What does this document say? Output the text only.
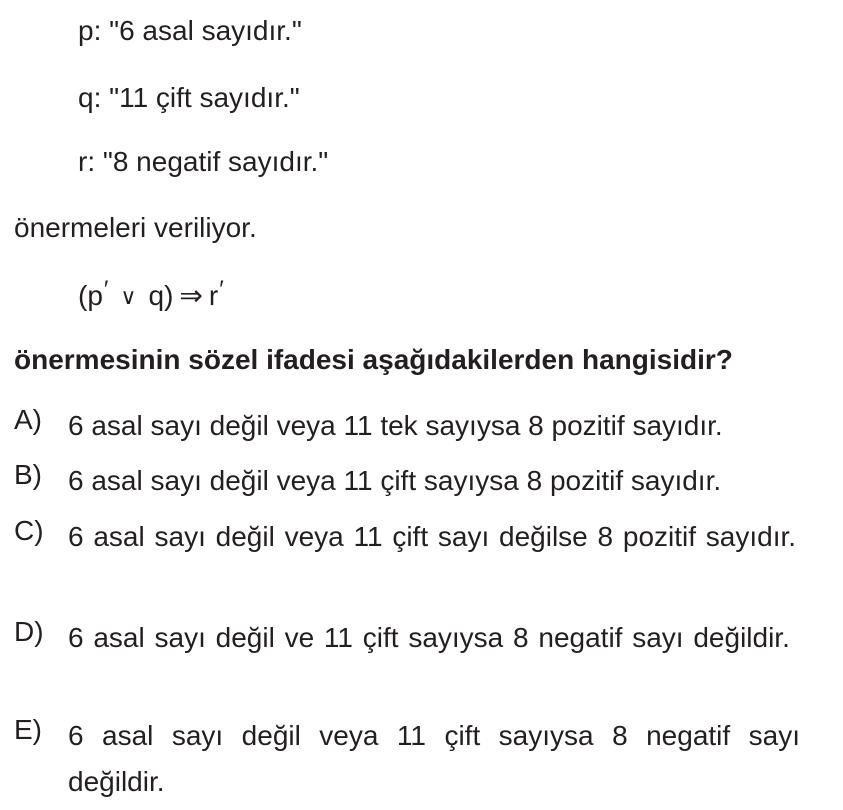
p: "6 asal sayıdır."
q: "11 çift sayıdır."
r: "8 negatif sayıdır."
önermeleri veriliyor.
(p′ ∨ q) ⇒ r′
önermesinin sözel ifadesi aşağıdakilerden hangisidir?
A) 6 asal sayı değil veya 11 tek sayıysa 8 pozitif sayıdır.
B) 6 asal sayı değil veya 11 çift sayıysa 8 pozitif sayıdır.
C) 6 asal sayı değil veya 11 çift sayı değilse 8 pozitif sayıdır.
D) 6 asal sayı değil ve 11 çift sayıysa 8 negatif sayı değildir.
E) 6 asal sayı değil veya 11 çift sayıysa 8 negatif sayı değildir.
